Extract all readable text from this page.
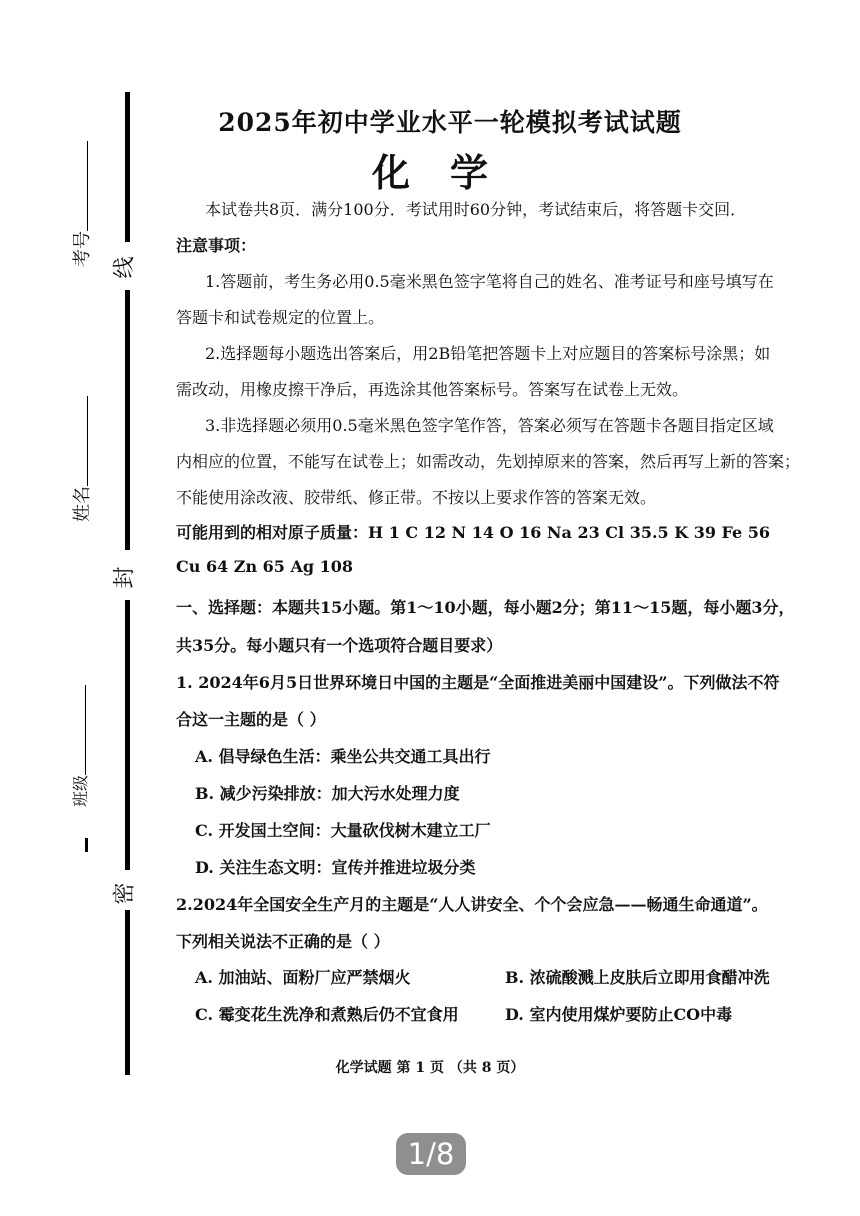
线
封
密
考号
姓名
班级
2025年初中学业水平一轮模拟考试试题
化学
本试卷共8页．满分100分．考试用时60分钟，考试结束后，将答题卡交回．
注意事项：
1.答题前，考生务必用0.5毫米黑色签字笔将自己的姓名、准考证号和座号填写在
答题卡和试卷规定的位置上。
2.选择题每小题选出答案后，用2B铅笔把答题卡上对应题目的答案标号涂黑；如
需改动，用橡皮擦干净后，再选涂其他答案标号。答案写在试卷上无效。
3.非选择题必须用0.5毫米黑色签字笔作答，答案必须写在答题卡各题目指定区域
内相应的位置，不能写在试卷上；如需改动，先划掉原来的答案，然后再写上新的答案；
不能使用涂改液、胶带纸、修正带。不按以上要求作答的答案无效。
可能用到的相对原子质量：H 1 C 12 N 14 O 16 Na 23 Cl 35.5 K 39 Fe 56
Cu 64 Zn 65 Ag 108
一、选择题：本题共15小题。第1～10小题，每小题2分；第11～15题，每小题3分，
共35分。每小题只有一个选项符合题目要求）
1. 2024年6月5日世界环境日中国的主题是“全面推进美丽中国建设”。下列做法不符
合这一主题的是（ ）
A. 倡导绿色生活：乘坐公共交通工具出行
B. 减少污染排放：加大污水处理力度
C. 开发国土空间：大量砍伐树木建立工厂
D. 关注生态文明：宣传并推进垃圾分类
2.2024年全国安全生产月的主题是“人人讲安全、个个会应急——畅通生命通道”。
下列相关说法不正确的是（ ）
A. 加油站、面粉厂应严禁烟火	B. 浓硫酸溅上皮肤后立即用食醋冲洗
C. 霉变花生洗净和煮熟后仍不宜食用	D. 室内使用煤炉要防止CO中毒
化学试题 第 1 页 （共 8 页）
1/8
